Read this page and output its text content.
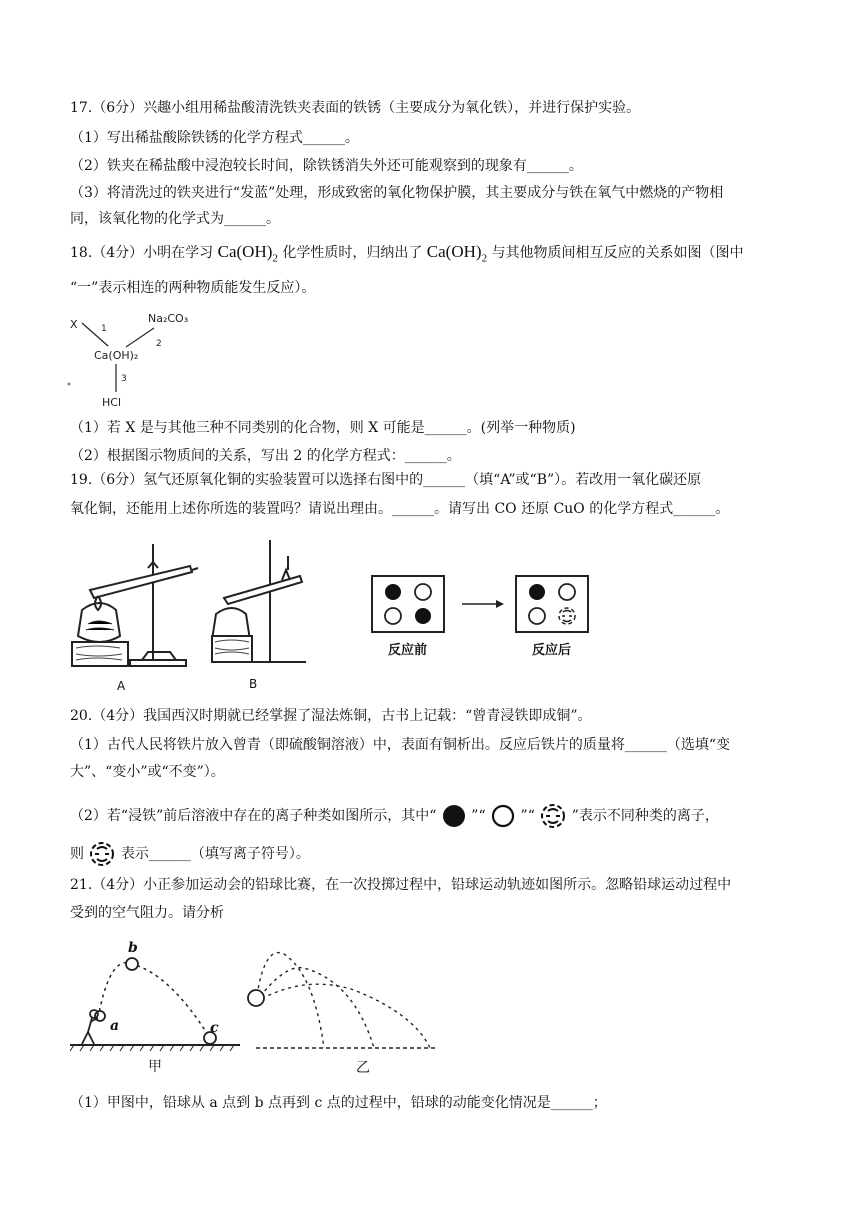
17.（6分）兴趣小组用稀盐酸清洗铁夹表面的铁锈（主要成分为氧化铁），并进行保护实验。
（1）写出稀盐酸除铁锈的化学方程式______。
（2）铁夹在稀盐酸中浸泡较长时间，除铁锈消失外还可能观察到的现象有______。
（3）将清洗过的铁夹进行“发蓝”处理，形成致密的氧化物保护膜，其主要成分与铁在氧气中燃烧的产物相
同，该氧化物的化学式为______。
18.（4分）小明在学习 $Ca(OH)_2$ 化学性质时，归纳出了 $Ca(OH)_2$ 与其他物质间相互反应的关系如图（图中
“一”表示相连的两种物质能发生反应）。
X	1
Na₂CO₃
2
Ca(OH)₂
3
HCl
（1）若 X 是与其他三种不同类别的化合物，则 X 可能是______。(列举一种物质)
（2）根据图示物质间的关系，写出 2 的化学方程式：______。
19.（6分）氢气还原氧化铜的实验装置可以选择右图中的______（填“A”或“B”）。若改用一氧化碳还原
氧化铜，还能用上述你所选的装置吗？请说出理由。______。请写出 CO 还原 CuO 的化学方程式______。
A	B
反应前	反应后
20.（4分）我国西汉时期就已经掌握了湿法炼铜，古书上记载：“曾青浸铁即成铜”。
（1）古代人民将铁片放入曾青（即硫酸铜溶液）中，表面有铜析出。反应后铁片的质量将______（选填“变
大”、“变小”或“不变”）。
（2）若“浸铁”前后溶液中存在的离子种类如图所示，其中“ ”“ ”“	”表示不同种类的离子，
则	表示______（填写离子符号）。
21.（4分）小正参加运动会的铅球比赛，在一次投掷过程中，铅球运动轨迹如图所示。忽略铅球运动过程中
受到的空气阻力。请分析
b
a	c
甲	乙
（1）甲图中，铅球从 a 点到 b 点再到 c 点的过程中，铅球的动能变化情况是______；
